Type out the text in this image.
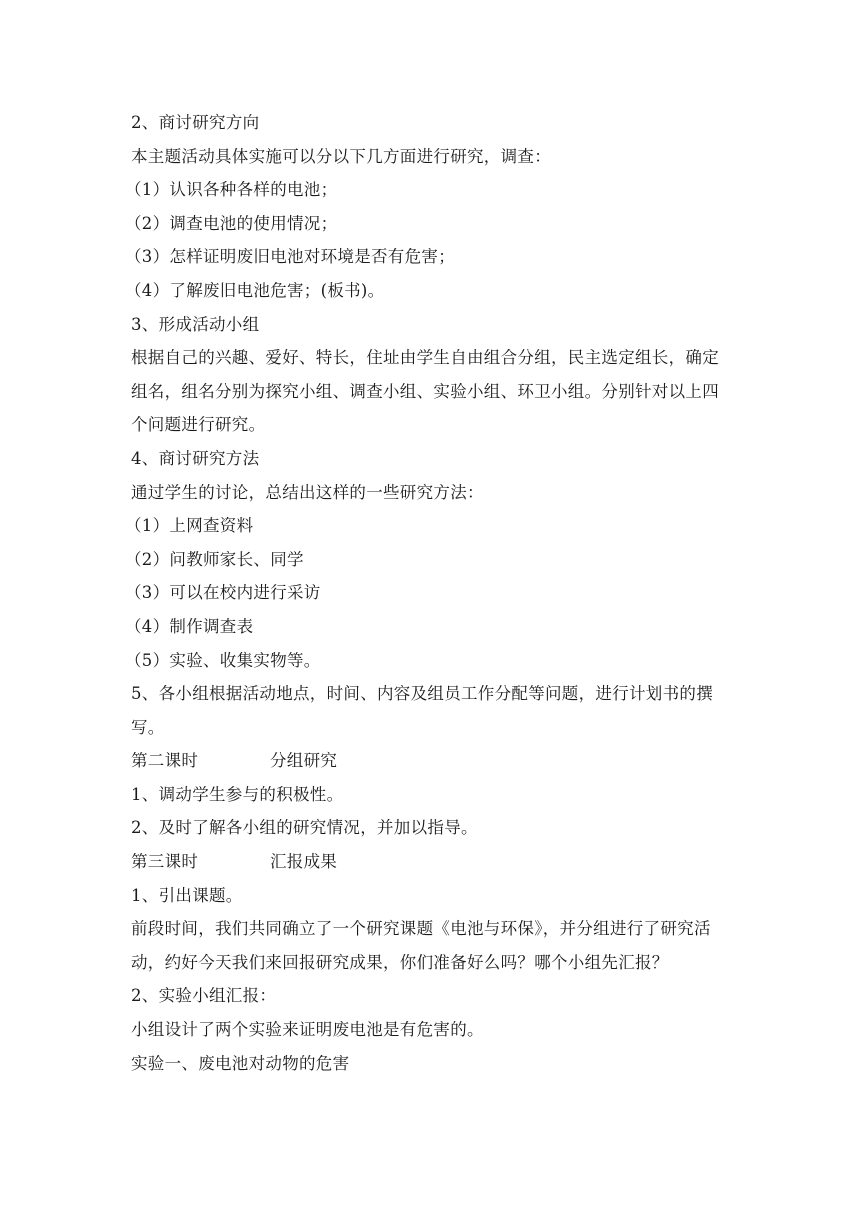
2、商讨研究方向
本主题活动具体实施可以分以下几方面进行研究，调查：
（1）认识各种各样的电池；
（2）调查电池的使用情况；
（3）怎样证明废旧电池对环境是否有危害；
（4）了解废旧电池危害；(板书)。
3、形成活动小组
根据自己的兴趣、爱好、特长，住址由学生自由组合分组，民主选定组长，确定
组名，组名分别为探究小组、调查小组、实验小组、环卫小组。分别针对以上四
个问题进行研究。
4、商讨研究方法
通过学生的讨论，总结出这样的一些研究方法：
（1）上网查资料
（2）问教师家长、同学
（3）可以在校内进行采访
（4）制作调查表
（5）实验、收集实物等。
5、各小组根据活动地点，时间、内容及组员工作分配等问题，进行计划书的撰
写。
第二课时	分组研究
1、调动学生参与的积极性。
2、及时了解各小组的研究情况，并加以指导。
第三课时	汇报成果
1、引出课题。
前段时间，我们共同确立了一个研究课题《电池与环保》，并分组进行了研究活
动，约好今天我们来回报研究成果，你们准备好么吗？哪个小组先汇报？
2、实验小组汇报：
小组设计了两个实验来证明废电池是有危害的。
实验一、废电池对动物的危害
